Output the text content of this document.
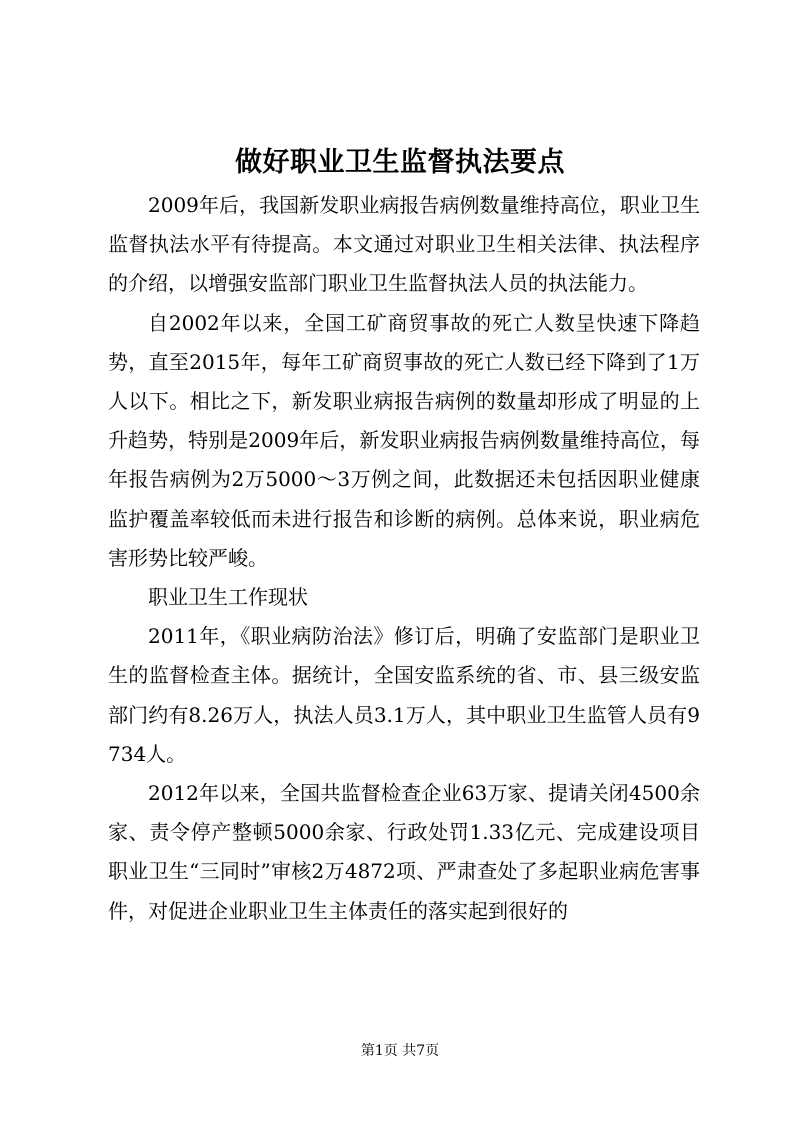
做好职业卫生监督执法要点

2009年后，我国新发职业病报告病例数量维持高位，职业卫生监督执法水平有待提高。本文通过对职业卫生相关法律、执法程序的介绍，以增强安监部门职业卫生监督执法人员的执法能力。

自2002年以来，全国工矿商贸事故的死亡人数呈快速下降趋势，直至2015年，每年工矿商贸事故的死亡人数已经下降到了1万人以下。相比之下，新发职业病报告病例的数量却形成了明显的上升趋势，特别是2009年后，新发职业病报告病例数量维持高位，每年报告病例为2万5000～3万例之间，此数据还未包括因职业健康监护覆盖率较低而未进行报告和诊断的病例。总体来说，职业病危害形势比较严峻。

职业卫生工作现状

2011年，《职业病防治法》修订后，明确了安监部门是职业卫生的监督检查主体。据统计，全国安监系统的省、市、县三级安监部门约有8.26万人，执法人员3.1万人，其中职业卫生监管人员有9734人。

2012年以来，全国共监督检查企业63万家、提请关闭4500余家、责令停产整顿5000余家、行政处罚1.33亿元、完成建设项目职业卫生“三同时”审核2万4872项、严肃查处了多起职业病危害事件，对促进企业职业卫生主体责任的落实起到很好的

第1页 共7页
